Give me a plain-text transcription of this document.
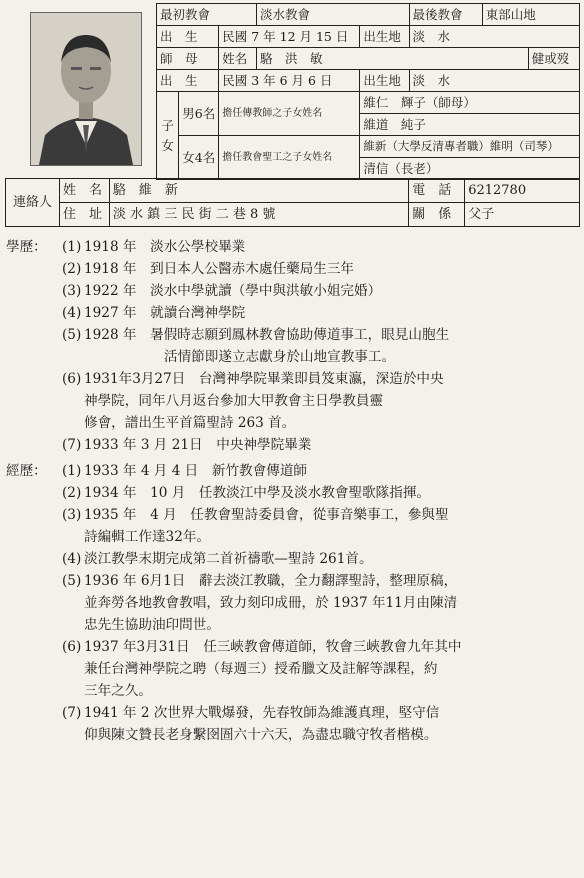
最初教會			淡水教會		最後教會	東部山地	
出　生		民國 7 年 12 月 15 日		出生地	淡　水		
師　母		姓名	駱　洪　敏				健或歿
出　生		民國 3 年 6 月 6 日		出生地	淡　水		
子女	男6名	擔任傳教師之子女姓名		維仁　輝子（師母）			
				維道　純子			
	女4名	擔任教會聖工之子女姓名		維新（大學反清專者職）維明（司琴）			
				清信（長老）			
連絡人	姓　名	駱　維　新	電　話	6212780
	住　址	淡 水 鎮 三 民 街 二 巷 8 號	關　係	父子
學歷： (1) 1918 年　淡水公學校畢業
(2) 1918 年　到日本人公醫赤木處任藥局生三年
(3) 1922 年　淡水中學就讀（學中與洪敏小姐完婚）
(4) 1927 年　就讀台灣神學院
(5) 1928 年　暑假時志願到鳳林教會協助傳道事工，眼見山胞生
活情節即遂立志獻身於山地宣教事工。
(6) 1931年3月27日　台灣神學院畢業即員笈東瀛，深造於中央
神學院，同年八月返台參加大甲教會主日學教員靈
修會，譜出生平首篇聖詩 263 首。
(7) 1933 年 3 月 21日　中央神學院畢業
經歷： (1) 1933 年 4 月 4 日　新竹教會傳道師
(2) 1934 年　10 月　任教淡江中學及淡水教會聖歌隊指揮。
(3) 1935 年　4 月　任教會聖詩委員會，從事音樂事工，參與聖
詩編輯工作達32年。
(4) 淡江教學末期完成第二首祈禱歌—聖詩 261首。
(5) 1936 年 6月1日　辭去淡江教職，全力翻譯聖詩，整理原稿，
並奔勞各地教會教唱，致力刻印成冊，於 1937 年11月由陳清
忠先生協助油印問世。
(6) 1937 年3月31日　任三峽教會傳道師，牧會三峽教會九年其中
兼任台灣神學院之聘（每週三）授希臘文及註解等課程，約
三年之久。
(7) 1941 年 2 次世界大戰爆發，先春牧師為維護真理，堅守信
仰與陳文贊長老身繫囹圄六十六天，為盡忠職守牧者楷模。
